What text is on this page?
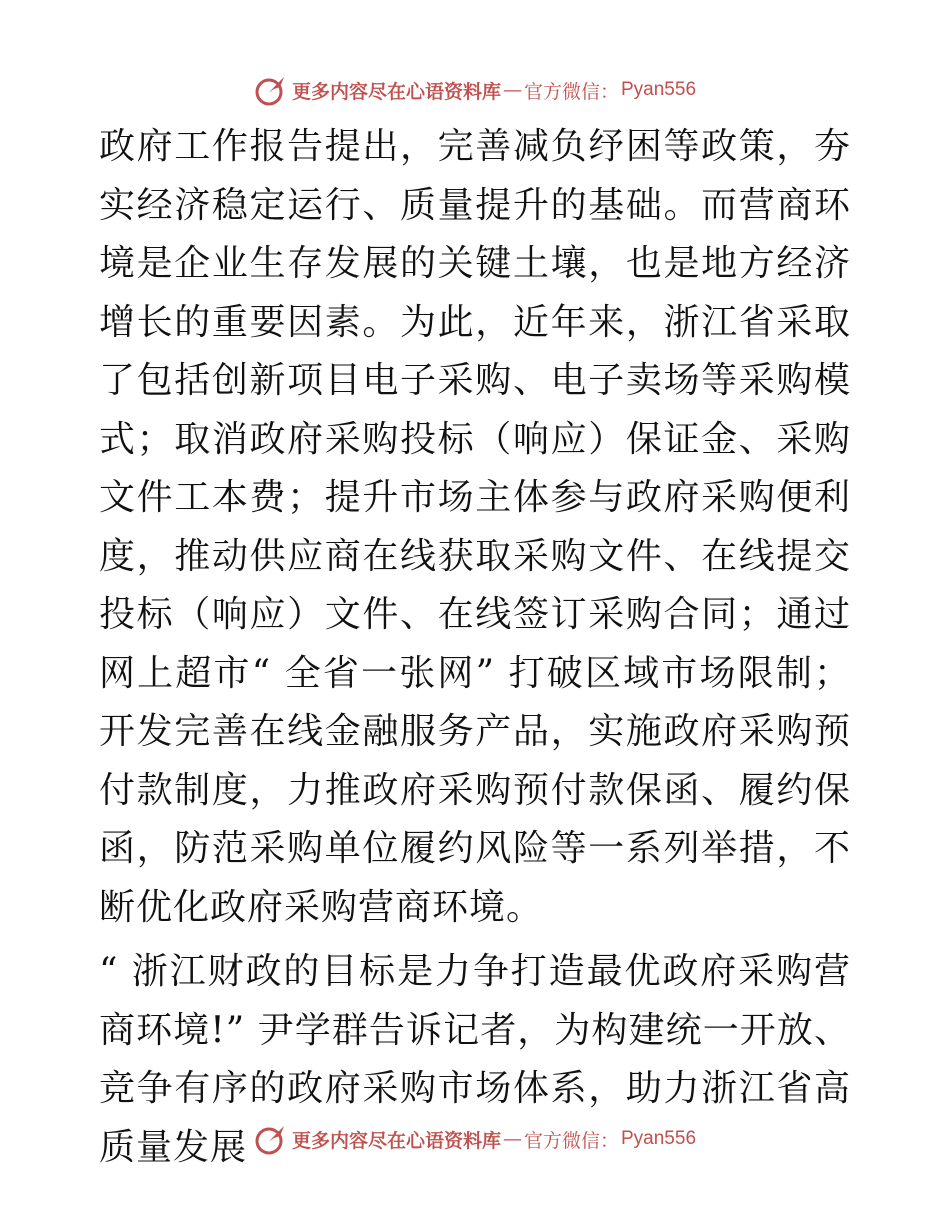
更多内容尽在心语资料库 — 官方微信： Pyan556

政府工作报告提出，完善减负纾困等政策，夯实经济稳定运行、质量提升的基础。而营商环境是企业生存发展的关键土壤，也是地方经济增长的重要因素。为此，近年来，浙江省采取了包括创新项目电子采购、电子卖场等采购模式；取消政府采购投标（响应）保证金、采购文件工本费；提升市场主体参与政府采购便利度，推动供应商在线获取采购文件、在线提交投标（响应）文件、在线签订采购合同；通过网上超市“ 全省一张网” 打破区域市场限制；开发完善在线金融服务产品，实施政府采购预付款制度，力推政府采购预付款保函、履约保函，防范采购单位履约风险等一系列举措，不断优化政府采购营商环境。

“ 浙江财政的目标是力争打造最优政府采购营商环境!” 尹学群告诉记者，为构建统一开放、竞争有序的政府采购市场体系，助力浙江省高质量发展	更多内容尽在心语资料库 — 官方微信： Pyan556
